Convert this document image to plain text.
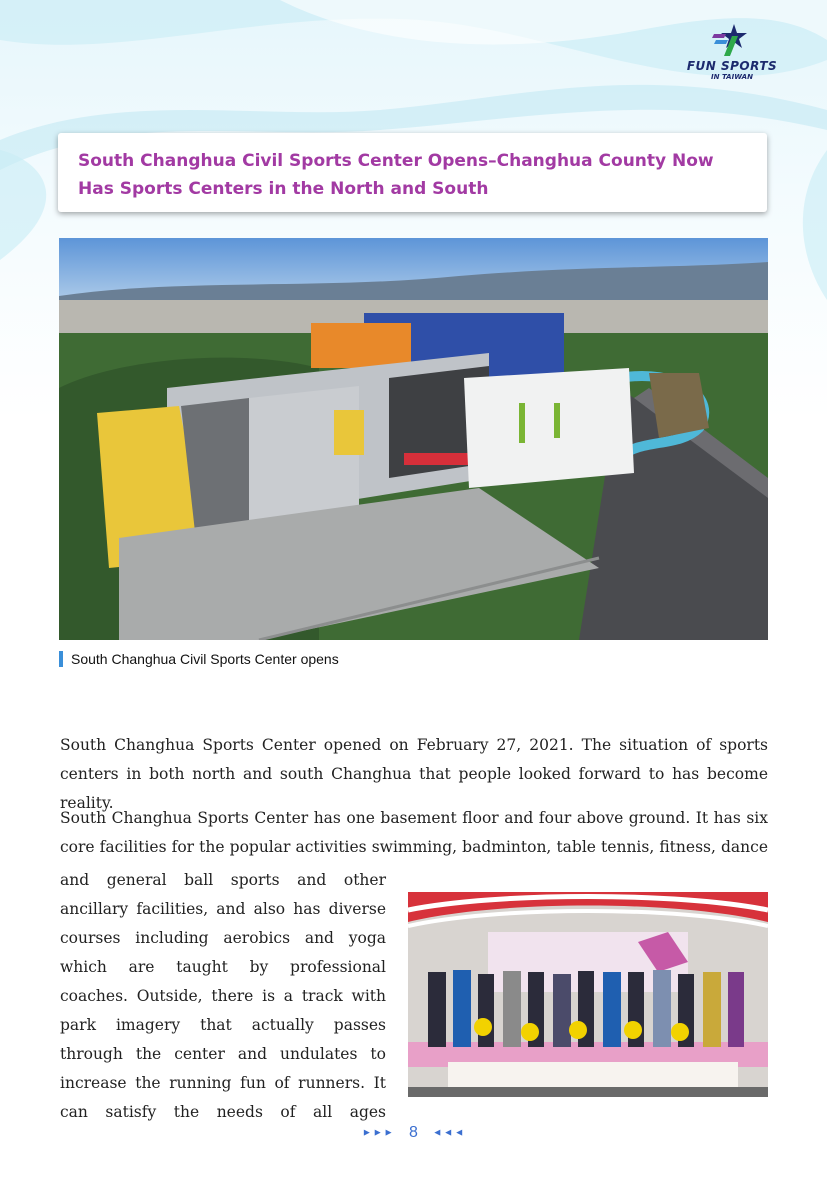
FUN SPORTS
IN TAIWAN

South Changhua Civil Sports Center Opens–Changhua County Now

Has Sports Centers in the North and South

South Changhua Civil Sports Center opens

South Changhua Sports Center opened on February 27, 2021. The situation of sports centers in both north and south Changhua that people looked forward to has become reality.

South Changhua Sports Center has one basement floor and four above ground. It has six core facilities for the popular activities swimming, badminton, table tennis, fitness, dance

and general ball sports and other ancillary facilities, and also has diverse courses including aerobics and yoga which are taught by professional coaches. Outside, there is a track with park imagery that actually passes through the center and undulates to increase the running fun of runners. It can satisfy the needs of all ages

►►► 8 ◄◄◄
